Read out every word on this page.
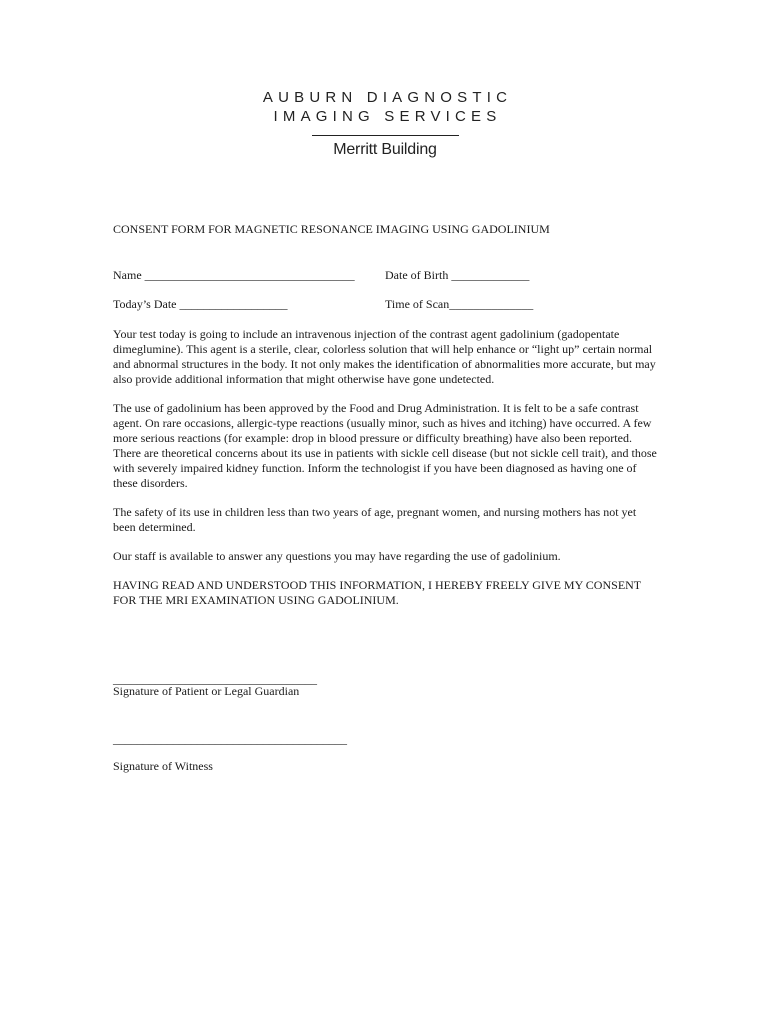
AUBURN DIAGNOSTIC
IMAGING SERVICES
Merritt Building
CONSENT FORM FOR MAGNETIC RESONANCE IMAGING USING GADOLINIUM
Name ___________________________________	Date of Birth _____________
Today’s Date __________________	Time of Scan______________

Your test today is going to include an intravenous injection of the contrast agent gadolinium (gadopentate dimeglumine). This agent is a sterile, clear, colorless solution that will help enhance or “light up” certain normal and abnormal structures in the body. It not only makes the identification of abnormalities more accurate, but may also provide additional information that might otherwise have gone undetected.

The use of gadolinium has been approved by the Food and Drug Administration. It is felt to be a safe contrast agent. On rare occasions, allergic-type reactions (usually minor, such as hives and itching) have occurred. A few more serious reactions (for example: drop in blood pressure or difficulty breathing) have also been reported. There are theoretical concerns about its use in patients with sickle cell disease (but not sickle cell trait), and those with severely impaired kidney function. Inform the technologist if you have been diagnosed as having one of these disorders.

The safety of its use in children less than two years of age, pregnant women, and nursing mothers has not yet been determined.

Our staff is available to answer any questions you may have regarding the use of gadolinium.

HAVING READ AND UNDERSTOOD THIS INFORMATION, I HEREBY FREELY GIVE MY CONSENT FOR THE MRI EXAMINATION USING GADOLINIUM.

__________________________________
Signature of Patient or Legal Guardian
_______________________________________
Signature of Witness
